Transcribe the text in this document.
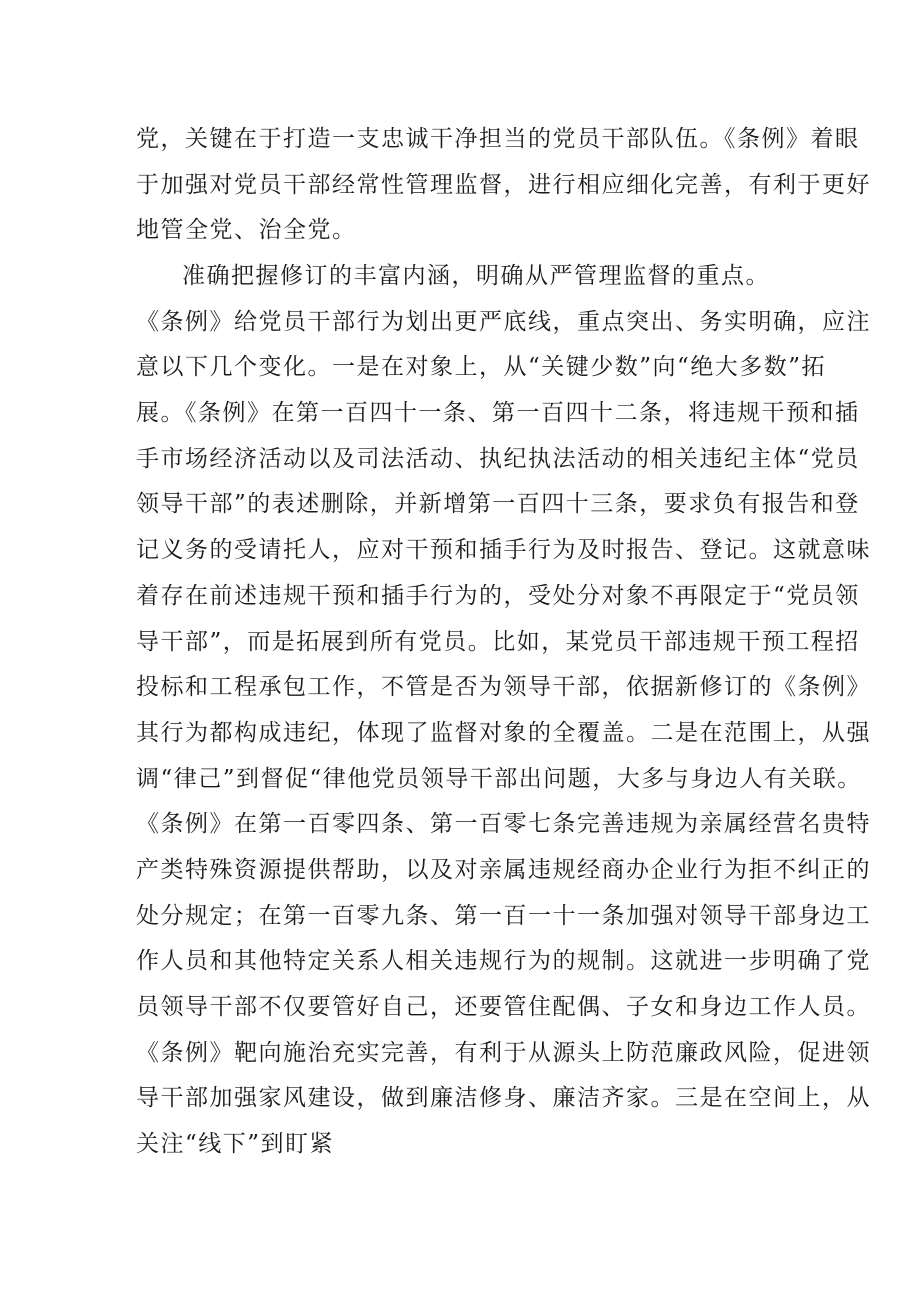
党，关键在于打造一支忠诚干净担当的党员干部队伍。《条例》着眼
于加强对党员干部经常性管理监督，进行相应细化完善，有利于更好
地管全党、治全党。
准确把握修订的丰富内涵，明确从严管理监督的重点。
《条例》给党员干部行为划出更严底线，重点突出、务实明确，应注
意以下几个变化。一是在对象上，从“关键少数”向“绝大多数”拓
展。《条例》在第一百四十一条、第一百四十二条，将违规干预和插
手市场经济活动以及司法活动、执纪执法活动的相关违纪主体“党员
领导干部”的表述删除，并新增第一百四十三条，要求负有报告和登
记义务的受请托人，应对干预和插手行为及时报告、登记。这就意味
着存在前述违规干预和插手行为的，受处分对象不再限定于“党员领
导干部”，而是拓展到所有党员。比如，某党员干部违规干预工程招
投标和工程承包工作，不管是否为领导干部，依据新修订的《条例》
其行为都构成违纪，体现了监督对象的全覆盖。二是在范围上，从强
调“律己”到督促“律他党员领导干部出问题，大多与身边人有关联。
《条例》在第一百零四条、第一百零七条完善违规为亲属经营名贵特
产类特殊资源提供帮助，以及对亲属违规经商办企业行为拒不纠正的
处分规定；在第一百零九条、第一百一十一条加强对领导干部身边工
作人员和其他特定关系人相关违规行为的规制。这就进一步明确了党
员领导干部不仅要管好自己，还要管住配偶、子女和身边工作人员。
《条例》靶向施治充实完善，有利于从源头上防范廉政风险，促进领
导干部加强家风建设，做到廉洁修身、廉洁齐家。三是在空间上，从
关注“线下”到盯紧
